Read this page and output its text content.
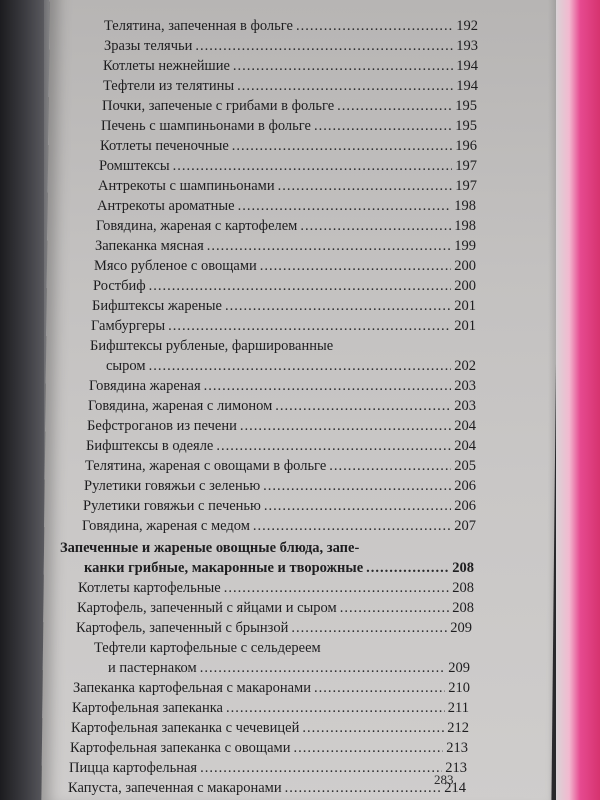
Телятина, запеченная в фольге .....	192
Зразы телячьи .....	193
Котлеты нежнейшие .....	194
Тефтели из телятины .....	194
Почки, запеченые с грибами в фольге .....	195
Печень с шампиньонами в фольге .....	195
Котлеты печеночные .....	196
Ромштексы .....	197
Антрекоты с шампиньонами .....	197
Антрекоты ароматные .....	198
Говядина, жареная с картофелем .....	198
Запеканка мясная .....	199
Мясо рубленое с овощами .....	200
Ростбиф .....	200
Бифштексы жареные .....	201
Гамбургеры .....	201
Бифштексы рубленые, фаршированные
сыром .....	202
Говядина жареная .....	203
Говядина, жареная с лимоном .....	203
Бефстроганов из печени .....	204
Бифштексы в одеяле .....	204
Телятина, жареная с овощами в фольге .....	205
Рулетики говяжьи с зеленью .....	206
Рулетики говяжьи с печенью .....	206
Говядина, жареная с медом .....	207
Запеченные и жареные овощные блюда, запе-
канки грибные, макаронные и творожные .....	208
Котлеты картофельные .....	208
Картофель, запеченный с яйцами и сыром .....	208
Картофель, запеченный с брынзой .....	209
Тефтели картофельные с сельдереем
и пастернаком .....	209
Запеканка картофельная с макаронами .....	210
Картофельная запеканка .....	211
Картофельная запеканка с чечевицей .....	212
Картофельная запеканка с овощами .....	213
Пицца картофельная .....	213
Капуста, запеченная с макаронами .....	214
283
